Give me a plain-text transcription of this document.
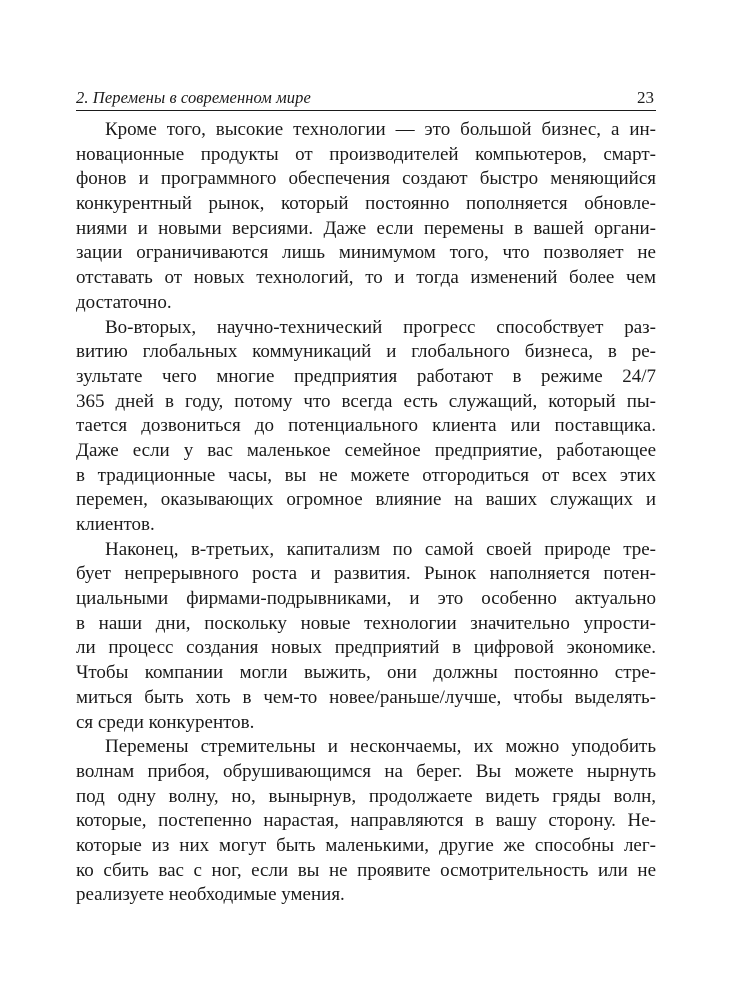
2. Перемены в современном мире	23
Кроме того, высокие технологии — это большой бизнес, а ин-
новационные продукты от производителей компьютеров, смарт-
фонов и программного обеспечения создают быстро меняющийся
конкурентный рынок, который постоянно пополняется обновле-
ниями и новыми версиями. Даже если перемены в вашей органи-
зации ограничиваются лишь минимумом того, что позволяет не
отставать от новых технологий, то и тогда изменений более чем
достаточно.
Во-вторых, научно-технический прогресс способствует раз-
витию глобальных коммуникаций и глобального бизнеса, в ре-
зультате чего многие предприятия работают в режиме 24/7
365 дней в году, потому что всегда есть служащий, который пы-
тается дозвониться до потенциального клиента или поставщика.
Даже если у вас маленькое семейное предприятие, работающее
в традиционные часы, вы не можете отгородиться от всех этих
перемен, оказывающих огромное влияние на ваших служащих и
клиентов.
Наконец, в-третьих, капитализм по самой своей природе тре-
бует непрерывного роста и развития. Рынок наполняется потен-
циальными фирмами-подрывниками, и это особенно актуально
в наши дни, поскольку новые технологии значительно упрости-
ли процесс создания новых предприятий в цифровой экономике.
Чтобы компании могли выжить, они должны постоянно стре-
миться быть хоть в чем-то новее/раньше/лучше, чтобы выделять-
ся среди конкурентов.
Перемены стремительны и нескончаемы, их можно уподобить
волнам прибоя, обрушивающимся на берег. Вы можете нырнуть
под одну волну, но, вынырнув, продолжаете видеть гряды волн,
которые, постепенно нарастая, направляются в вашу сторону. Не-
которые из них могут быть маленькими, другие же способны лег-
ко сбить вас с ног, если вы не проявите осмотрительность или не
реализуете необходимые умения.
